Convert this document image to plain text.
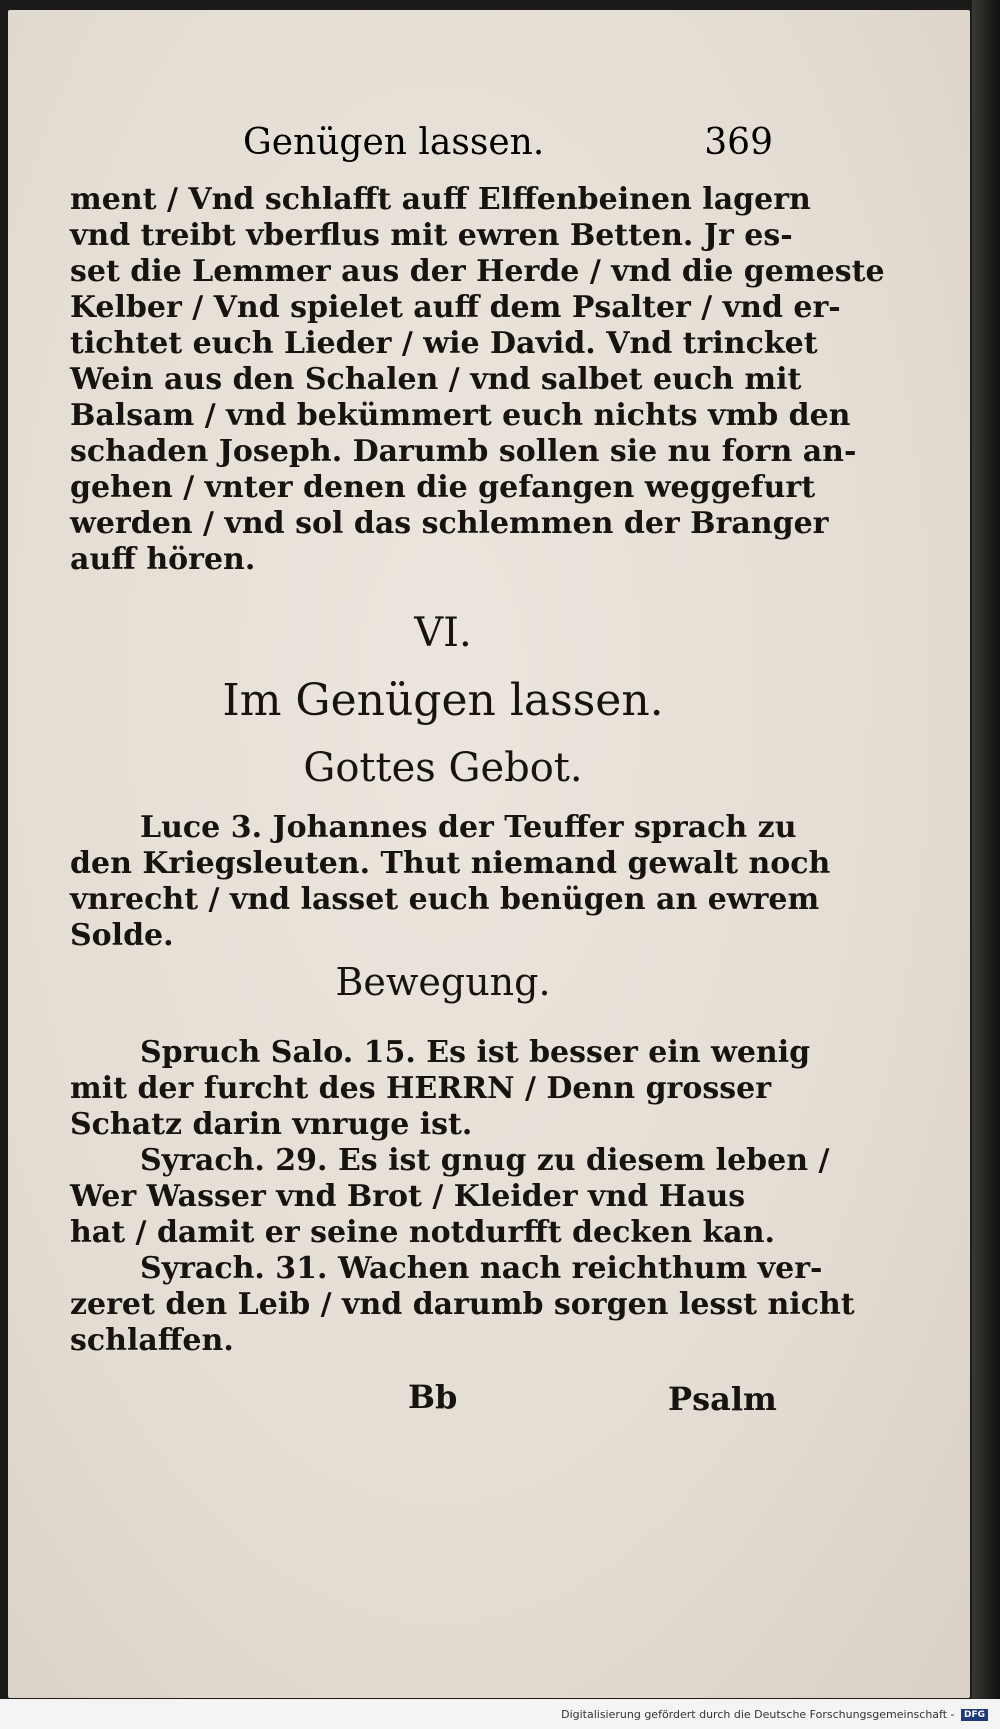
Genügen lassen.	369
ment / Vnd schlafft auff Elffenbeinen lagern
vnd treibt vberflus mit ewren Betten. Jr es-
set die Lemmer aus der Herde / vnd die gemeste
Kelber / Vnd spielet auff dem Psalter / vnd er-
tichtet euch Lieder / wie David. Vnd trincket
Wein aus den Schalen / vnd salbet euch mit
Balsam / vnd bekümmert euch nichts vmb den
schaden Joseph. Darumb sollen sie nu forn an-
gehen / vnter denen die gefangen weggefurt
werden / vnd sol das schlemmen der Branger
auff hören.
VI.
Im Genügen lassen.
Gottes Gebot.
Luce 3. Johannes der Teuffer sprach zu
den Kriegsleuten. Thut niemand gewalt noch
vnrecht / vnd lasset euch benügen an ewrem
Solde.
Bewegung.
Spruch Salo. 15. Es ist besser ein wenig
mit der furcht des HERRN / Denn grosser
Schatz darin vnruge ist.
Syrach. 29. Es ist gnug zu diesem leben /
Wer Wasser vnd Brot / Kleider vnd Haus
hat / damit er seine notdurfft decken kan.
Syrach. 31. Wachen nach reichthum ver-
zeret den Leib / vnd darumb sorgen lesst nicht
schlaffen.
Bb	Psalm
Digitalisierung gefördert durch die Deutsche Forschungsgemeinschaft - DFG
